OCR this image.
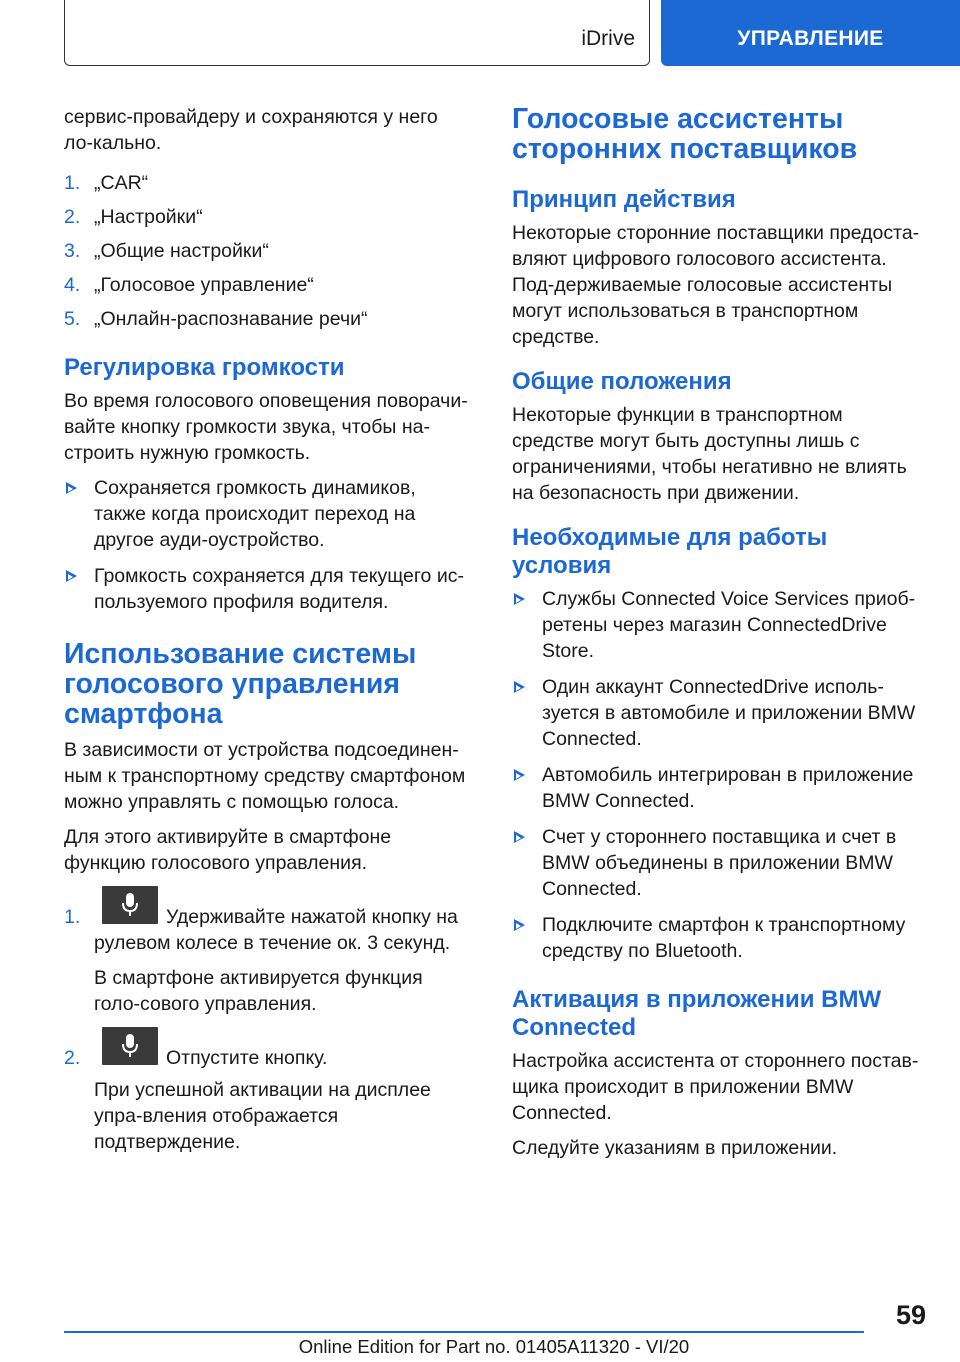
iDrive	УПРАВЛЕНИЕ

сервис-провайдеру и сохраняются у него ло-кально.

1. „CAR“
2. „Настройки“
3. „Общие настройки“
4. „Голосовое управление“
5. „Онлайн-распознавание речи“
Регулировка громкости

Во время голосового оповещения поворачи-вайте кнопку громкости звука, чтобы на-строить нужную громкость.

Сохраняется громкость динамиков, также когда происходит переход на другое ауди-оустройство.
Громкость сохраняется для текущего ис-пользуемого профиля водителя.
Использование системы голосового управления смартфона

В зависимости от устройства подсоединен-ным к транспортному средству смартфоном можно управлять с помощью голоса.

Для этого активируйте в смартфоне функцию голосового управления.

1.	Удерживайте нажатой кнопку на
рулевом колесе в течение ок. 3 секунд.
В смартфоне активируется функция голо-сового управления.
2.	Отпустите кнопку.
При успешной активации на дисплее упра-вления отображается подтверждение.
Голосовые ассистенты сторонних поставщиков
Принцип действия

Некоторые сторонние поставщики предоста-вляют цифрового голосового ассистента. Под-держиваемые голосовые ассистенты могут использоваться в транспортном средстве.

Общие положения

Некоторые функции в транспортном средстве могут быть доступны лишь с ограничениями, чтобы негативно не влиять на безопасность при движении.

Необходимые для работы условия
Службы Connected Voice Services приоб-ретены через магазин ConnectedDrive Store.
Один аккаунт ConnectedDrive исполь-зуется в автомобиле и приложении BMW Connected.
Автомобиль интегрирован в приложение BMW Connected.
Счет у стороннего поставщика и счет в BMW объединены в приложении BMW Connected.
Подключите смартфон к транспортному средству по Bluetooth.
Активация в приложении BMW Connected

Настройка ассистента от стороннего постав-щика происходит в приложении BMW Connected.

Следуйте указаниям в приложении.

59
Online Edition for Part no. 01405A11320 - VI/20
